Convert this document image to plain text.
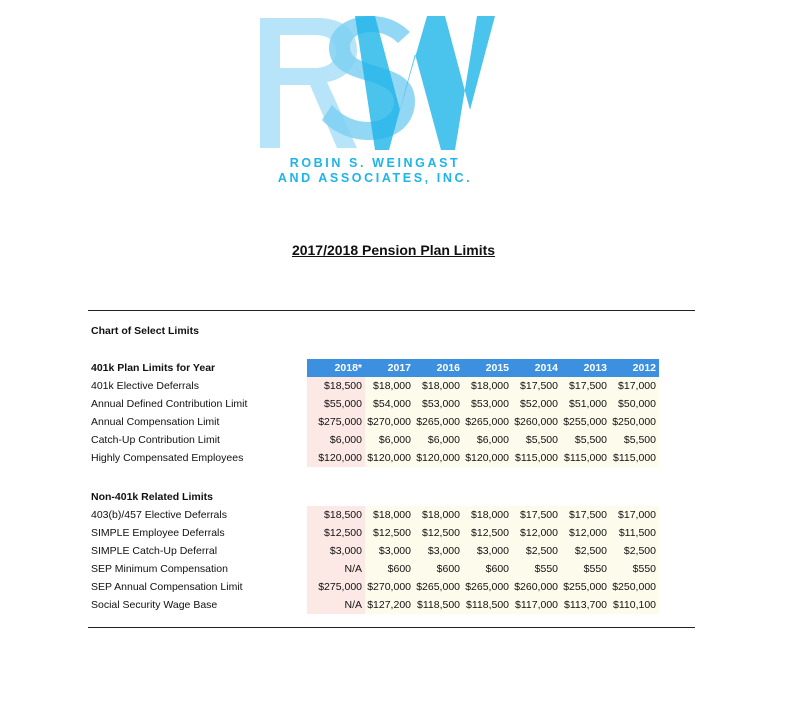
ROBIN S. WEINGAST
AND ASSOCIATES, INC.
2017/2018 Pension Plan Limits
Chart of Select Limits
401k Plan Limits for Year	2018*	2017	2016	2015	2014	2013	2012
401k Elective Deferrals	$18,500	$18,000	$18,000	$18,000	$17,500	$17,500	$17,000
Annual Defined Contribution Limit	$55,000	$54,000	$53,000	$53,000	$52,000	$51,000	$50,000
Annual Compensation Limit	$275,000 $270,000 $265,000 $265,000 $260,000 $255,000 $250,000
Catch-Up Contribution Limit	$6,000	$6,000	$6,000	$6,000	$5,500	$5,500	$5,500
Highly Compensated Employees	$120,000 $120,000 $120,000 $120,000 $115,000 $115,000 $115,000
Non-401k Related Limits
403(b)/457 Elective Deferrals	$18,500	$18,000	$18,000	$18,000	$17,500	$17,500	$17,000
SIMPLE Employee Deferrals	$12,500	$12,500	$12,500	$12,500	$12,000	$12,000	$11,500
SIMPLE Catch-Up Deferral	$3,000	$3,000	$3,000	$3,000	$2,500	$2,500	$2,500
SEP Minimum Compensation	N/A	$600	$600	$600	$550	$550	$550
SEP Annual Compensation Limit	$275,000 $270,000 $265,000 $265,000 $260,000 $255,000 $250,000
Social Security Wage Base	N/A $127,200 $118,500 $118,500 $117,000 $113,700 $110,100
